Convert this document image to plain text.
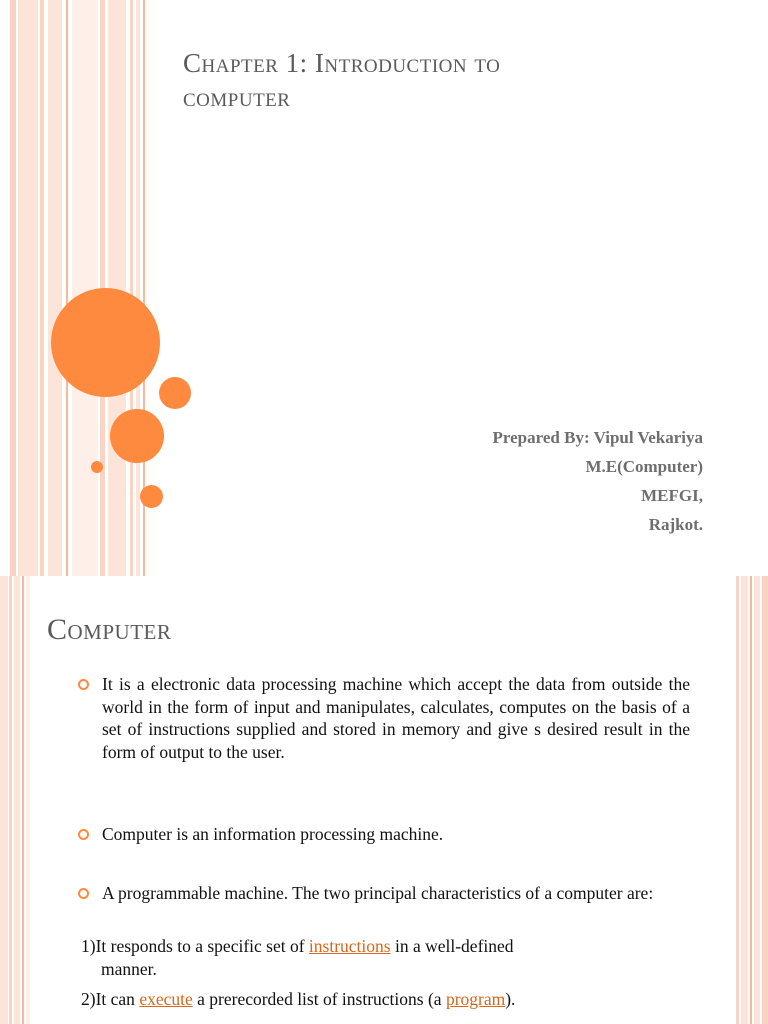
Chapter 1: Introduction to
computer
Prepared By: Vipul Vekariya
M.E(Computer)
MEFGI,
Rajkot.
Computer
It is a electronic data processing machine which accept the data from outside the world in the form of input and manipulates, calculates, computes on the basis of a set of instructions supplied and stored in memory and give s desired result in the form of output to the user.
Computer is an information processing machine.
A programmable machine. The two principal characteristics of a computer are:
1)It responds to a specific set of instructions in a well-defined
manner.
2)It can execute a prerecorded list of instructions (a program).
